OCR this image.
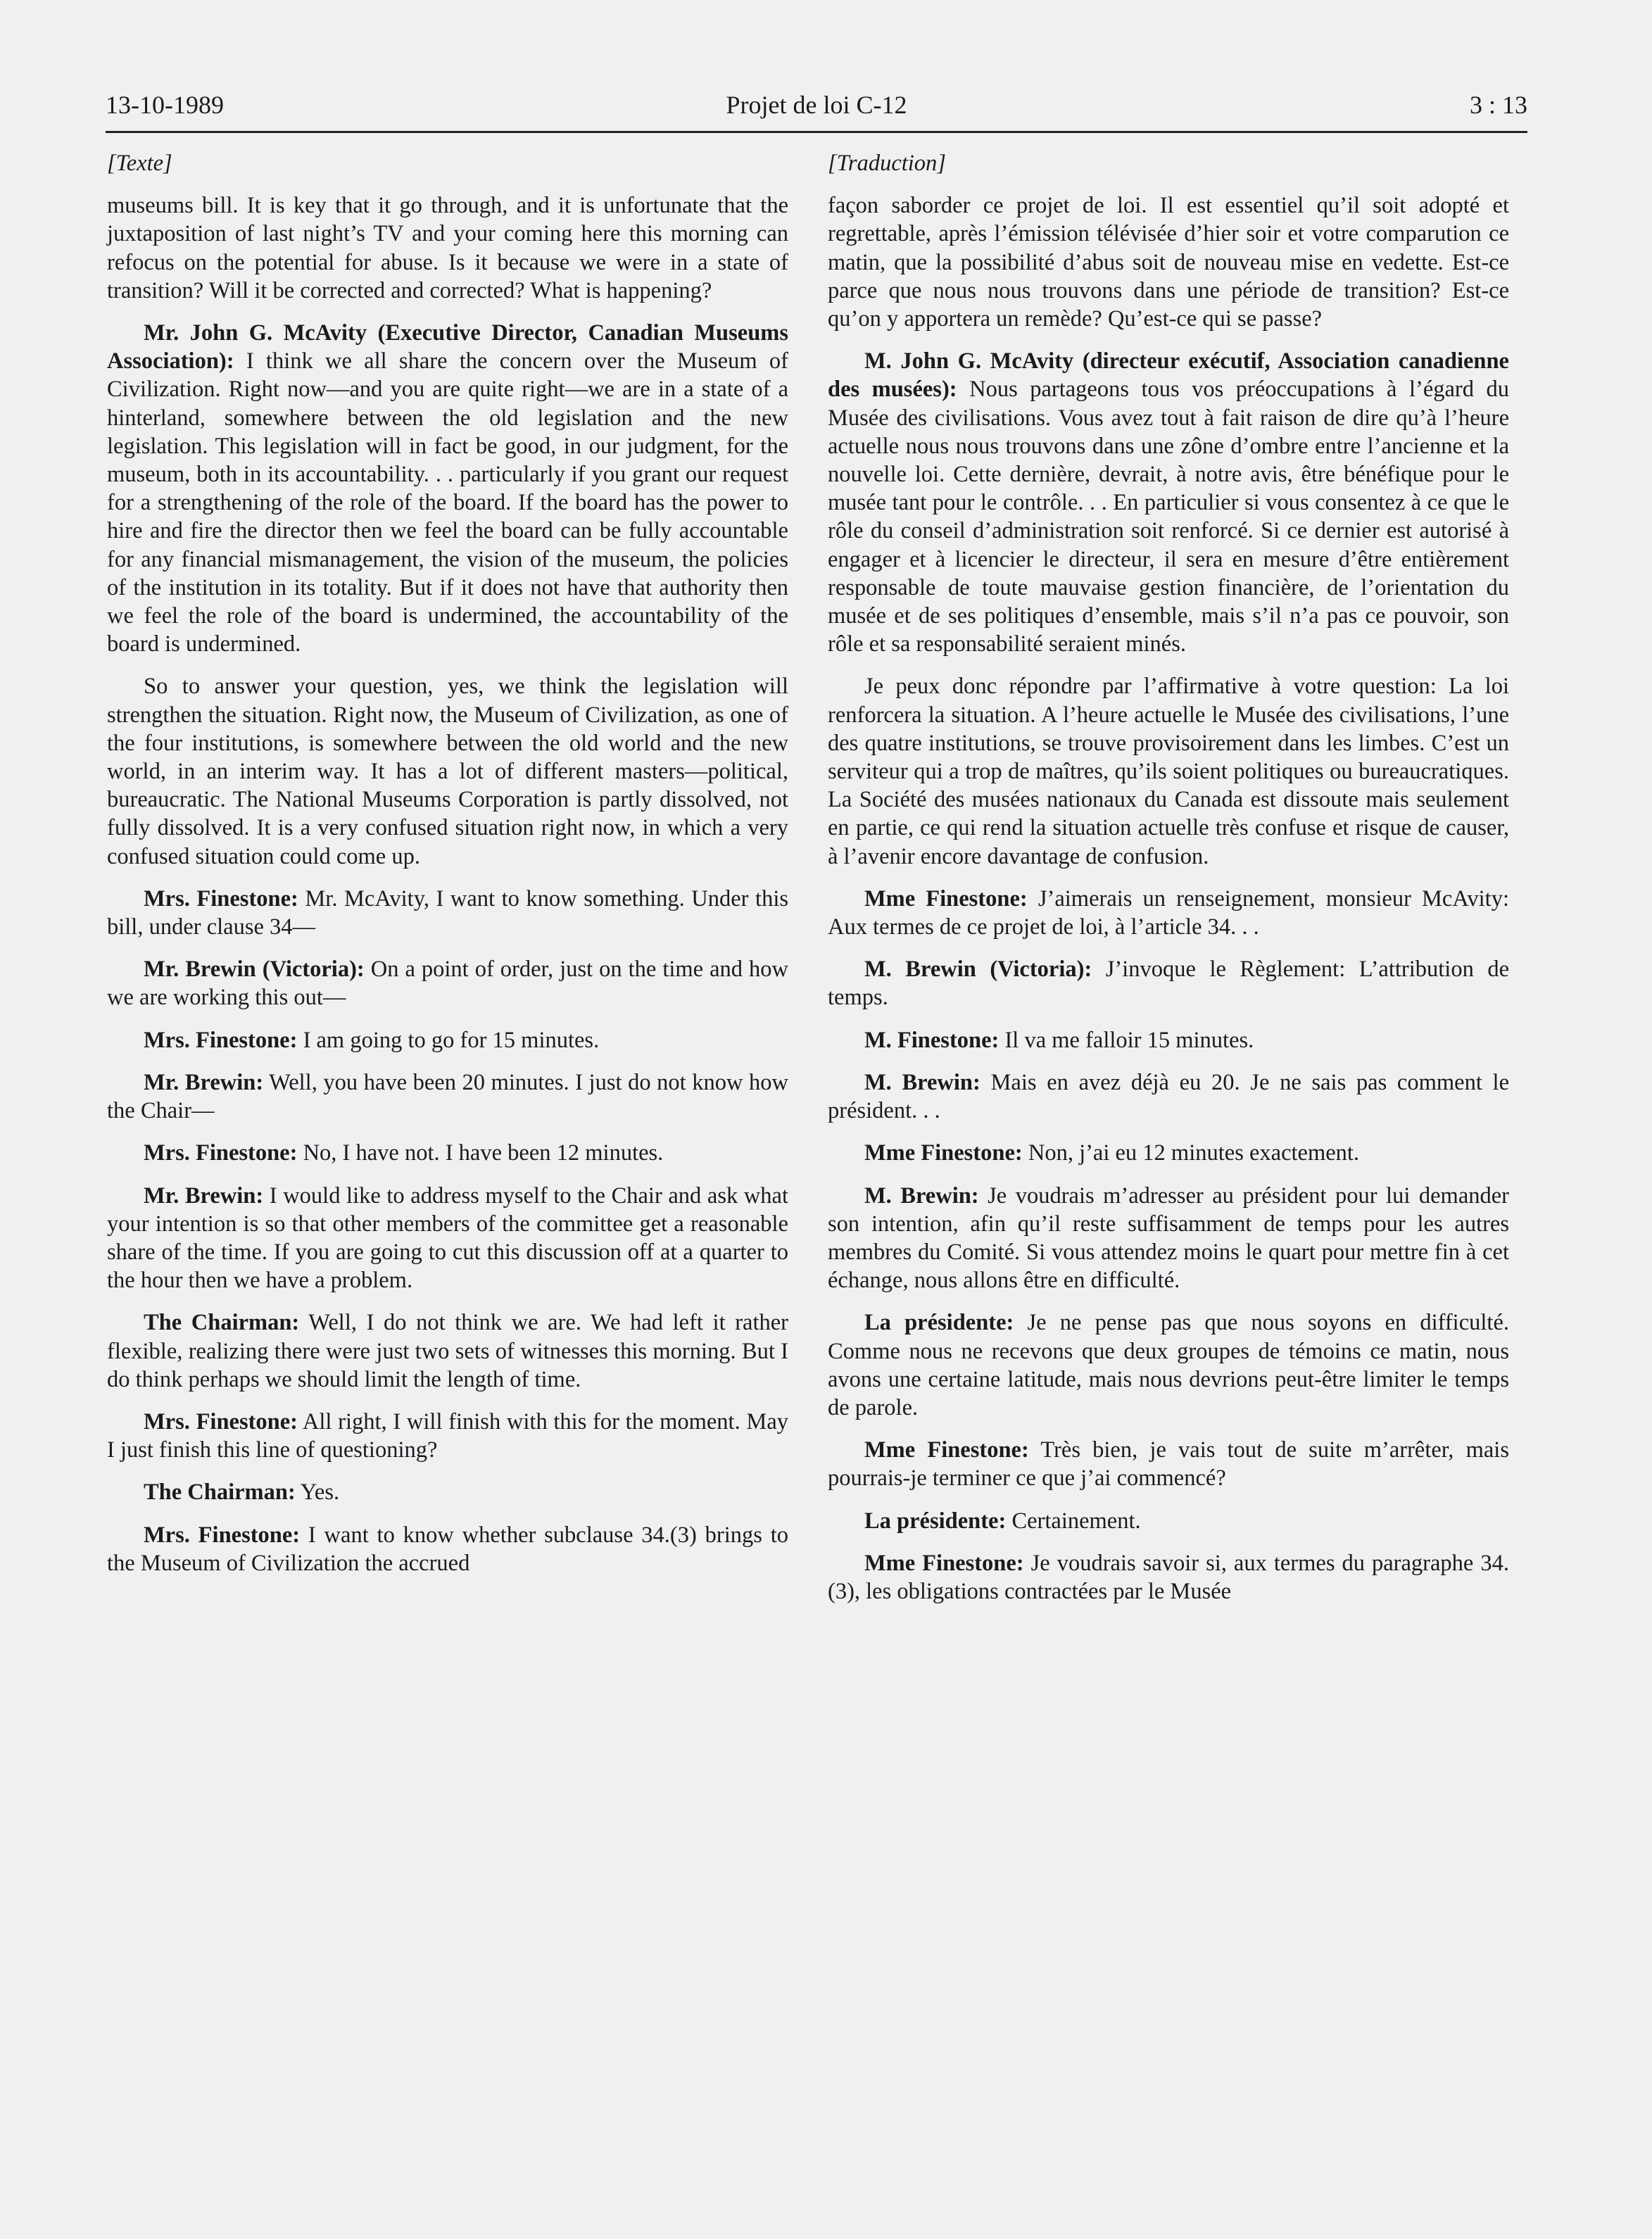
13-10-1989	Projet de loi C-12	3 : 13

[Texte]

museums bill. It is key that it go through, and it is unfortunate that the juxtaposition of last night’s TV and your coming here this morning can refocus on the potential for abuse. Is it because we were in a state of transition? Will it be corrected and corrected? What is happening?

Mr. John G. McAvity (Executive Director, Canadian Museums Association): I think we all share the concern over the Museum of Civilization. Right now—and you are quite right—we are in a state of a hinterland, somewhere between the old legislation and the new legislation. This legislation will in fact be good, in our judgment, for the museum, both in its accountability. . . particularly if you grant our request for a strengthening of the role of the board. If the board has the power to hire and fire the director then we feel the board can be fully accountable for any financial mismanagement, the vision of the museum, the policies of the institution in its totality. But if it does not have that authority then we feel the role of the board is undermined, the accountability of the board is undermined.

So to answer your question, yes, we think the legislation will strengthen the situation. Right now, the Museum of Civilization, as one of the four institutions, is somewhere between the old world and the new world, in an interim way. It has a lot of different masters—political, bureaucratic. The National Museums Corporation is partly dissolved, not fully dissolved. It is a very confused situation right now, in which a very confused situation could come up.

Mrs. Finestone: Mr. McAvity, I want to know something. Under this bill, under clause 34—

Mr. Brewin (Victoria): On a point of order, just on the time and how we are working this out—

Mrs. Finestone: I am going to go for 15 minutes.

Mr. Brewin: Well, you have been 20 minutes. I just do not know how the Chair—

Mrs. Finestone: No, I have not. I have been 12 minutes.

Mr. Brewin: I would like to address myself to the Chair and ask what your intention is so that other members of the committee get a reasonable share of the time. If you are going to cut this discussion off at a quarter to the hour then we have a problem.

The Chairman: Well, I do not think we are. We had left it rather flexible, realizing there were just two sets of witnesses this morning. But I do think perhaps we should limit the length of time.

Mrs. Finestone: All right, I will finish with this for the moment. May I just finish this line of questioning?

The Chairman: Yes.

Mrs. Finestone: I want to know whether subclause 34.(3) brings to the Museum of Civilization the accrued

[Traduction]

façon saborder ce projet de loi. Il est essentiel qu’il soit adopté et regrettable, après l’émission télévisée d’hier soir et votre comparution ce matin, que la possibilité d’abus soit de nouveau mise en vedette. Est-ce parce que nous nous trouvons dans une période de transition? Est-ce qu’on y apportera un remède? Qu’est-ce qui se passe?

M. John G. McAvity (directeur exécutif, Association canadienne des musées): Nous partageons tous vos préoccupations à l’égard du Musée des civilisations. Vous avez tout à fait raison de dire qu’à l’heure actuelle nous nous trouvons dans une zône d’ombre entre l’ancienne et la nouvelle loi. Cette dernière, devrait, à notre avis, être bénéfique pour le musée tant pour le contrôle. . . En particulier si vous consentez à ce que le rôle du conseil d’administration soit renforcé. Si ce dernier est autorisé à engager et à licencier le directeur, il sera en mesure d’être entièrement responsable de toute mauvaise gestion financière, de l’orientation du musée et de ses politiques d’ensemble, mais s’il n’a pas ce pouvoir, son rôle et sa responsabilité seraient minés.

Je peux donc répondre par l’affirmative à votre question: La loi renforcera la situation. A l’heure actuelle le Musée des civilisations, l’une des quatre institutions, se trouve provisoirement dans les limbes. C’est un serviteur qui a trop de maîtres, qu’ils soient politiques ou bureaucratiques. La Société des musées nationaux du Canada est dissoute mais seulement en partie, ce qui rend la situation actuelle très confuse et risque de causer, à l’avenir encore davantage de confusion.

Mme Finestone: J’aimerais un renseignement, monsieur McAvity: Aux termes de ce projet de loi, à l’article 34. . .

M. Brewin (Victoria): J’invoque le Règlement: L’attribution de temps.

M. Finestone: Il va me falloir 15 minutes.

M. Brewin: Mais en avez déjà eu 20. Je ne sais pas comment le président. . .

Mme Finestone: Non, j’ai eu 12 minutes exactement.

M. Brewin: Je voudrais m’adresser au président pour lui demander son intention, afin qu’il reste suffisamment de temps pour les autres membres du Comité. Si vous attendez moins le quart pour mettre fin à cet échange, nous allons être en difficulté.

La présidente: Je ne pense pas que nous soyons en difficulté. Comme nous ne recevons que deux groupes de témoins ce matin, nous avons une certaine latitude, mais nous devrions peut-être limiter le temps de parole.

Mme Finestone: Très bien, je vais tout de suite m’arrêter, mais pourrais-je terminer ce que j’ai commencé?

La présidente: Certainement.

Mme Finestone: Je voudrais savoir si, aux termes du paragraphe 34.(3), les obligations contractées par le Musée
